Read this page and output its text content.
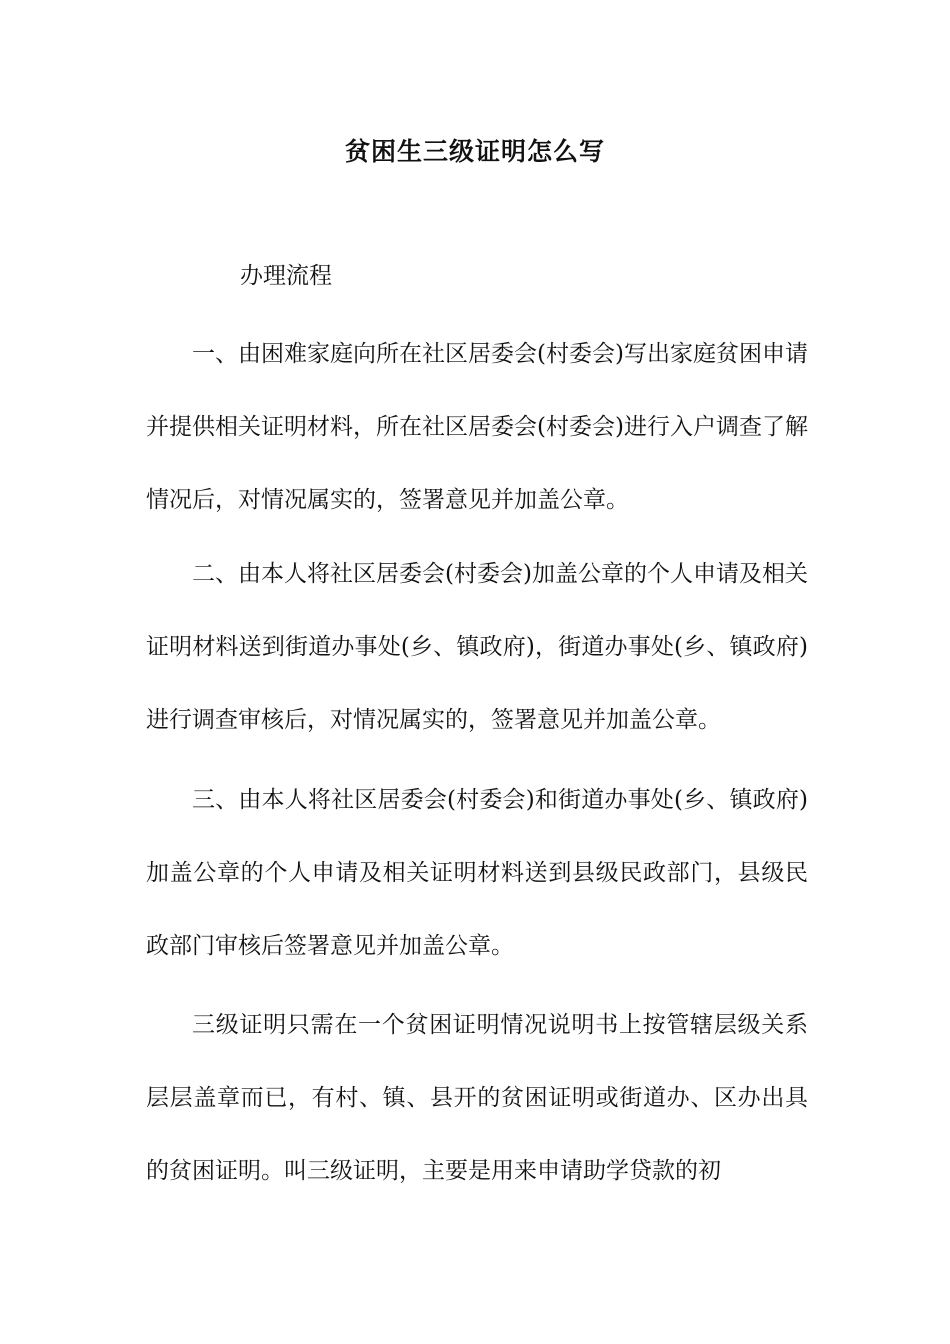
贫困生三级证明怎么写

办理流程

一、由困难家庭向所在社区居委会(村委会)写出家庭贫困申请并提供相关证明材料，所在社区居委会(村委会)进行入户调查了解情况后，对情况属实的，签署意见并加盖公章。

二、由本人将社区居委会(村委会)加盖公章的个人申请及相关证明材料送到街道办事处(乡、镇政府)，街道办事处(乡、镇政府)进行调查审核后，对情况属实的，签署意见并加盖公章。

三、由本人将社区居委会(村委会)和街道办事处(乡、镇政府)加盖公章的个人申请及相关证明材料送到县级民政部门，县级民政部门审核后签署意见并加盖公章。

三级证明只需在一个贫困证明情况说明书上按管辖层级关系层层盖章而已，有村、镇、县开的贫困证明或街道办、区办出具的贫困证明。叫三级证明，主要是用来申请助学贷款的初
